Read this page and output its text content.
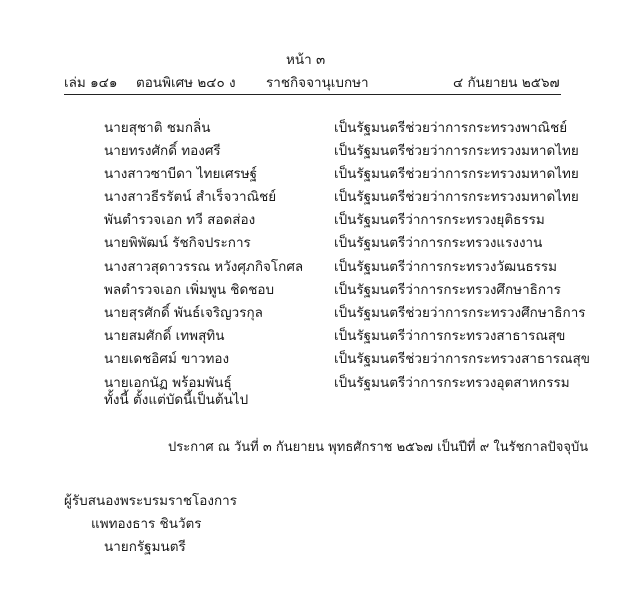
หน้า ๓
เล่ม ๑๔๑ ตอนพิเศษ ๒๔๐ ง ราชกิจจานุเบกษา	๔ กันยายน ๒๕๖๗
นายสุชาติ ชมกลิ่น	เป็นรัฐมนตรีช่วยว่าการกระทรวงพาณิชย์
นายทรงศักดิ์ ทองศรี	เป็นรัฐมนตรีช่วยว่าการกระทรวงมหาดไทย
นางสาวซาบีดา ไทยเศรษฐ์	เป็นรัฐมนตรีช่วยว่าการกระทรวงมหาดไทย
นางสาวธีรรัตน์ สำเร็จวาณิชย์	เป็นรัฐมนตรีช่วยว่าการกระทรวงมหาดไทย
พันตำรวจเอก ทวี สอดส่อง	เป็นรัฐมนตรีว่าการกระทรวงยุติธรรม
นายพิพัฒน์ รัชกิจประการ	เป็นรัฐมนตรีว่าการกระทรวงแรงงาน
นางสาวสุดาวรรณ หวังศุภกิจโกศล เป็นรัฐมนตรีว่าการกระทรวงวัฒนธรรม
พลตำรวจเอก เพิ่มพูน ชิดชอบ	เป็นรัฐมนตรีว่าการกระทรวงศึกษาธิการ
นายสุรศักดิ์ พันธ์เจริญวรกุล	เป็นรัฐมนตรีช่วยว่าการกระทรวงศึกษาธิการ
นายสมศักดิ์ เทพสุทิน	เป็นรัฐมนตรีว่าการกระทรวงสาธารณสุข
นายเดชอิศม์ ขาวทอง	เป็นรัฐมนตรีช่วยว่าการกระทรวงสาธารณสุข
นายเอกนัฏ พร้อมพันธุ์	เป็นรัฐมนตรีว่าการกระทรวงอุตสาหกรรม
ทั้งนี้ ตั้งแต่บัดนี้เป็นต้นไป
ประกาศ ณ วันที่ ๓ กันยายน พุทธศักราช ๒๕๖๗ เป็นปีที่ ๙ ในรัชกาลปัจจุบัน
ผู้รับสนองพระบรมราชโองการ
แพทองธาร ชินวัตร
นายกรัฐมนตรี
